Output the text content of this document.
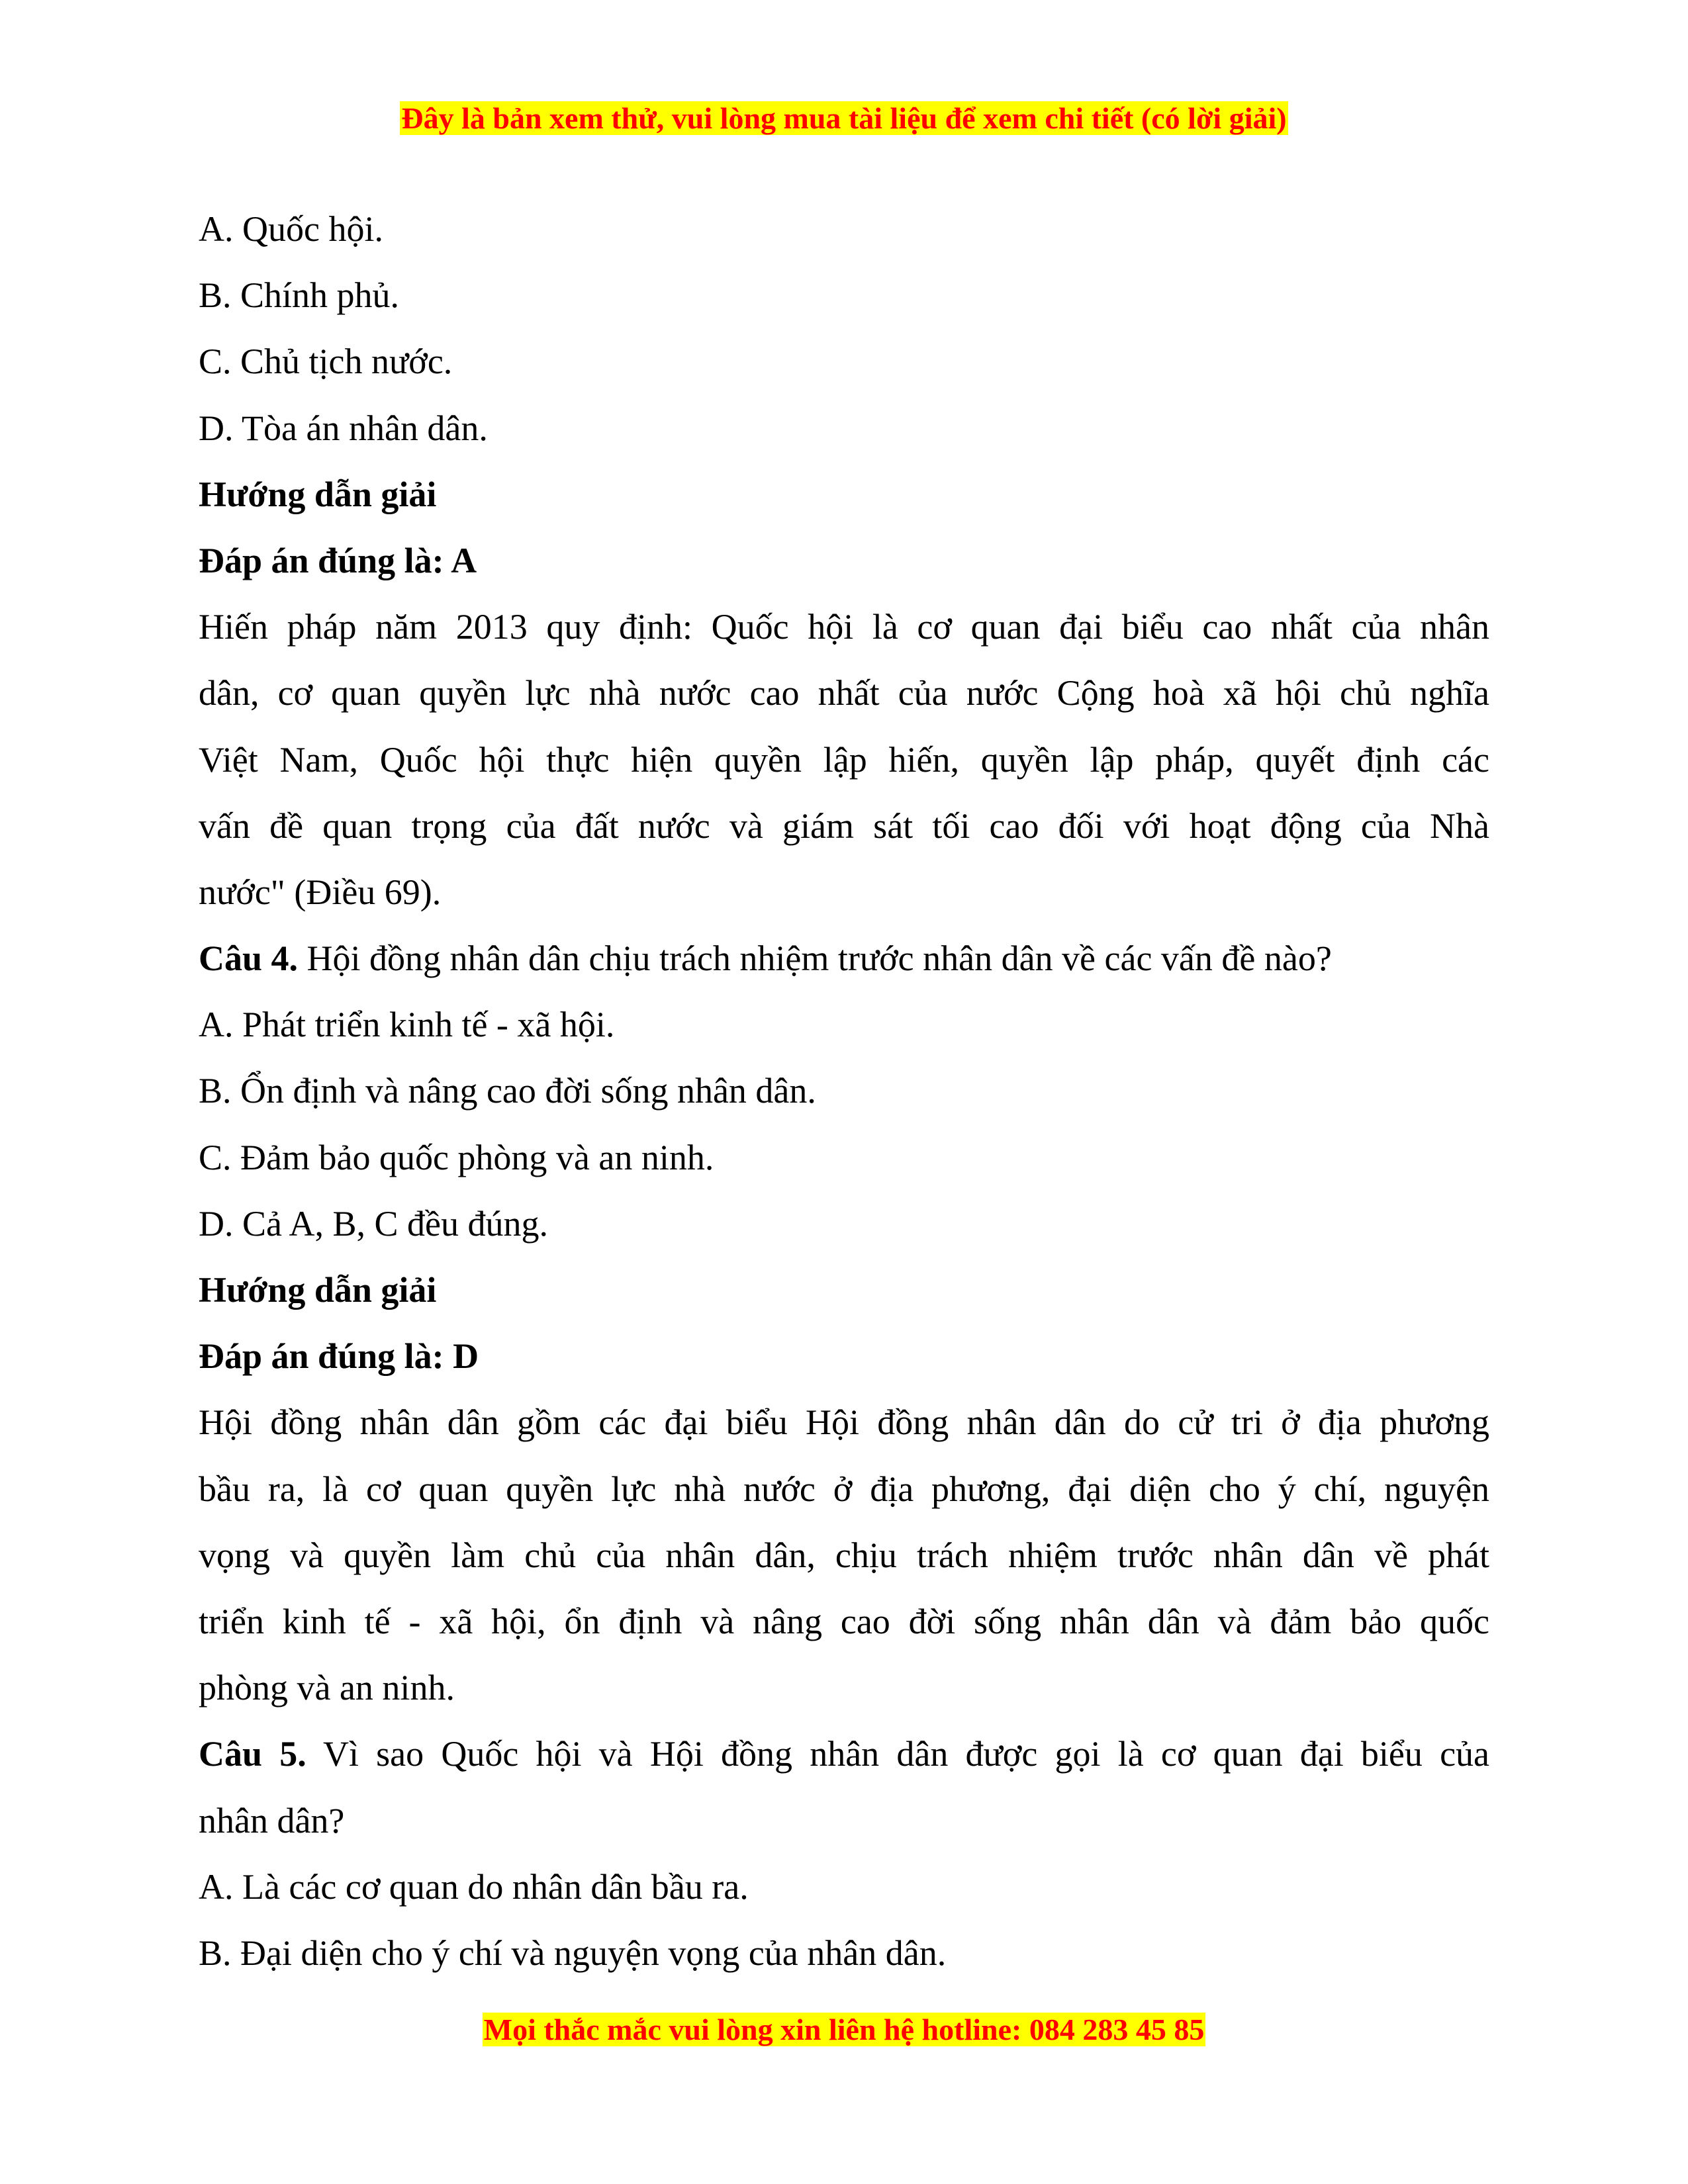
Đây là bản xem thử, vui lòng mua tài liệu để xem chi tiết (có lời giải)
A. Quốc hội.
B. Chính phủ.
C. Chủ tịch nước.
D. Tòa án nhân dân.
Hướng dẫn giải
Đáp án đúng là: A
Hiến pháp năm 2013 quy định: Quốc hội là cơ quan đại biểu cao nhất của nhân
dân, cơ quan quyền lực nhà nước cao nhất của nước Cộng hoà xã hội chủ nghĩa
Việt Nam, Quốc hội thực hiện quyền lập hiến, quyền lập pháp, quyết định các
vấn đề quan trọng của đất nước và giám sát tối cao đối với hoạt động của Nhà
nước" (Điều 69).
Câu 4. Hội đồng nhân dân chịu trách nhiệm trước nhân dân về các vấn đề nào?
A. Phát triển kinh tế - xã hội.
B. Ổn định và nâng cao đời sống nhân dân.
C. Đảm bảo quốc phòng và an ninh.
D. Cả A, B, C đều đúng.
Hướng dẫn giải
Đáp án đúng là: D
Hội đồng nhân dân gồm các đại biểu Hội đồng nhân dân do cử tri ở địa phương
bầu ra, là cơ quan quyền lực nhà nước ở địa phương, đại diện cho ý chí, nguyện
vọng và quyền làm chủ của nhân dân, chịu trách nhiệm trước nhân dân về phát
triển kinh tế - xã hội, ổn định và nâng cao đời sống nhân dân và đảm bảo quốc
phòng và an ninh.
Câu 5. Vì sao Quốc hội và Hội đồng nhân dân được gọi là cơ quan đại biểu của
nhân dân?
A. Là các cơ quan do nhân dân bầu ra.
B. Đại diện cho ý chí và nguyện vọng của nhân dân.
Mọi thắc mắc vui lòng xin liên hệ hotline: 084 283 45 85
